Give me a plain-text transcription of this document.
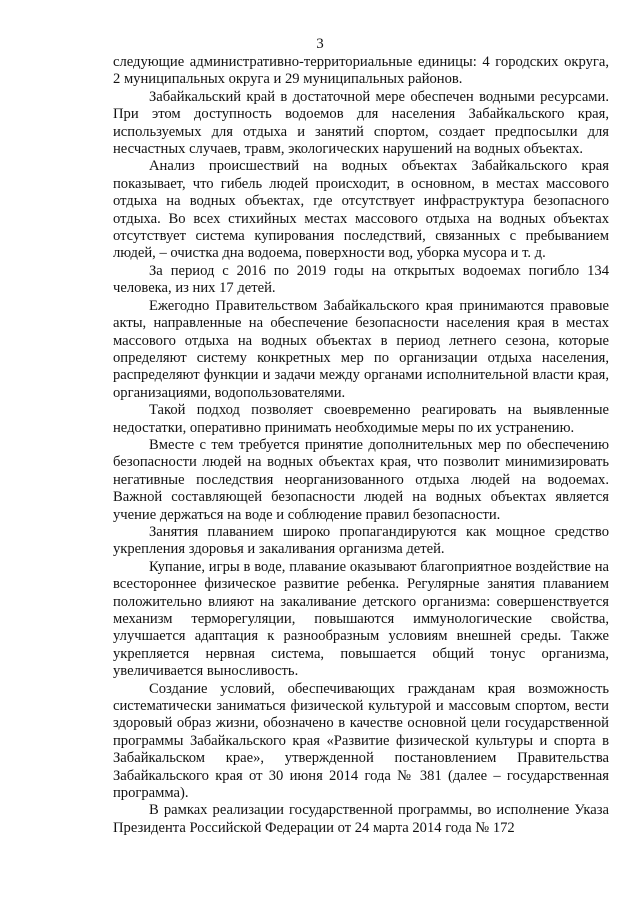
3

следующие административно-территориальные единицы: 4 городских округа, 2 муниципальных округа и 29 муниципальных районов.

Забайкальский край в достаточной мере обеспечен водными ресурсами. При этом доступность водоемов для населения Забайкальского края, используемых для отдыха и занятий спортом, создает предпосылки для несчастных случаев, травм, экологических нарушений на водных объектах.

Анализ происшествий на водных объектах Забайкальского края показывает, что гибель людей происходит, в основном, в местах массового отдыха на водных объектах, где отсутствует инфраструктура безопасного отдыха. Во всех стихийных местах массового отдыха на водных объектах отсутствует система купирования последствий, связанных с пребыванием людей, – очистка дна водоема, поверхности вод, уборка мусора и т. д.

За период с 2016 по 2019 годы на открытых водоемах погибло 134 человека, из них 17 детей.

Ежегодно Правительством Забайкальского края принимаются правовые акты, направленные на обеспечение безопасности населения края в местах массового отдыха на водных объектах в период летнего сезона, которые определяют систему конкретных мер по организации отдыха населения, распределяют функции и задачи между органами исполнительной власти края, организациями, водопользователями.

Такой подход позволяет своевременно реагировать на выявленные недостатки, оперативно принимать необходимые меры по их устранению.

Вместе с тем требуется принятие дополнительных мер по обеспечению безопасности людей на водных объектах края, что позволит минимизировать негативные последствия неорганизованного отдыха людей на водоемах. Важной составляющей безопасности людей на водных объектах является учение держаться на воде и соблюдение правил безопасности.

Занятия плаванием широко пропагандируются как мощное средство укрепления здоровья и закаливания организма детей.

Купание, игры в воде, плавание оказывают благоприятное воздействие на всестороннее физическое развитие ребенка. Регулярные занятия плаванием положительно влияют на закаливание детского организма: совершенствуется механизм терморегуляции, повышаются иммунологические свойства, улучшается адаптация к разнообразным условиям внешней среды. Также укрепляется нервная система, повышается общий тонус организма, увеличивается выносливость.

Создание условий, обеспечивающих гражданам края возможность систематически заниматься физической культурой и массовым спортом, вести здоровый образ жизни, обозначено в качестве основной цели государственной программы Забайкальского края «Развитие физической культуры и спорта в Забайкальском крае», утвержденной постановлением Правительства Забайкальского края от 30 июня 2014 года № 381 (далее – государственная программа).

В рамках реализации государственной программы, во исполнение Указа Президента Российской Федерации от 24 марта 2014 года № 172
